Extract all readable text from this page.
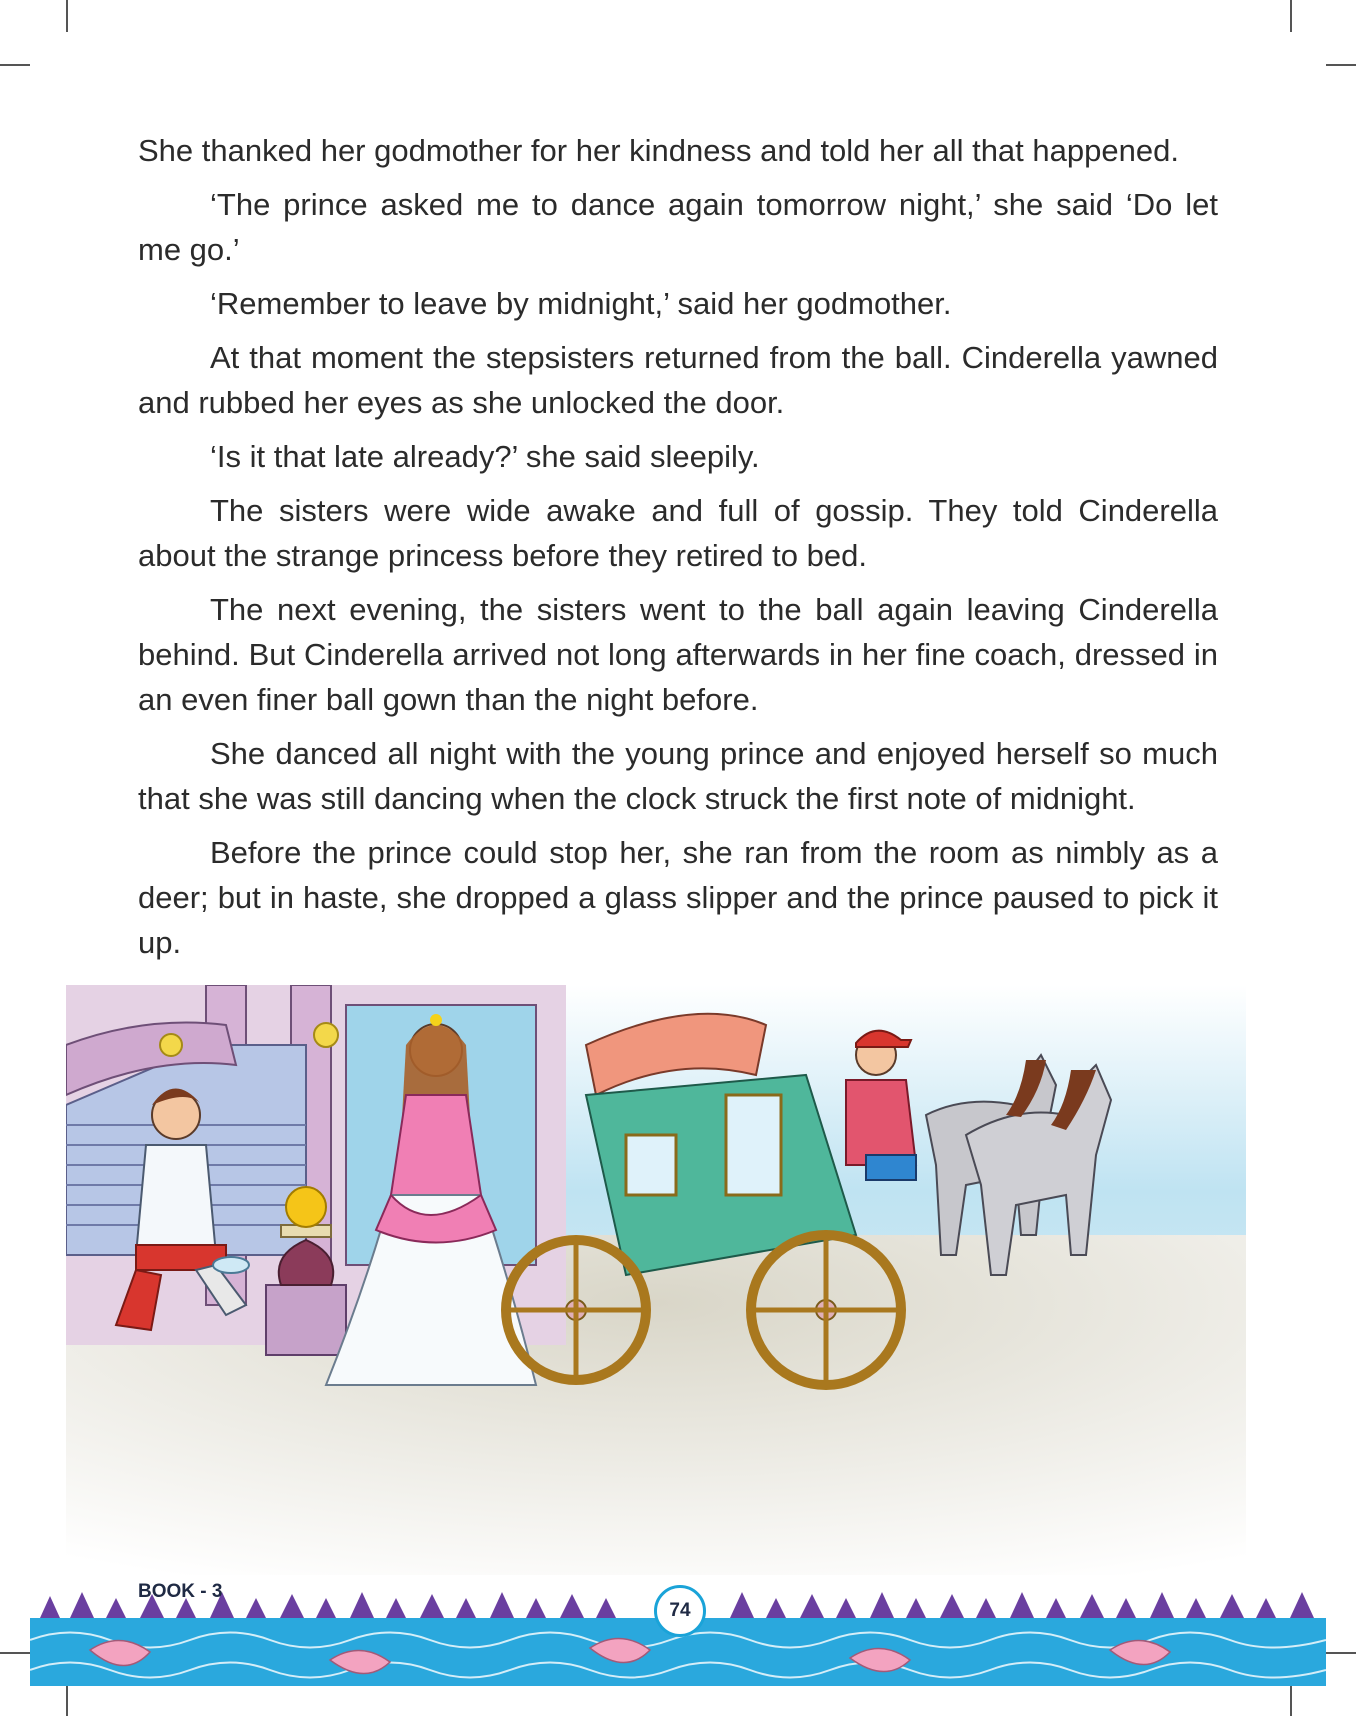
She thanked her godmother for her kindness and told her all that happened.

‘The prince asked me to dance again tomorrow night,’ she said ‘Do let me go.’

‘Remember to leave by midnight,’ said her godmother.

At that moment the stepsisters returned from the ball. Cinderella yawned and rubbed her eyes as she unlocked the door.

‘Is it that late already?’ she said sleepily.

The sisters were wide awake and full of gossip. They told Cinderella about the strange princess before they retired to bed.

The next evening, the sisters went to the ball again leaving Cinderella behind. But Cinderella arrived not long afterwards in her fine coach, dressed in an even finer ball gown than the night before.

She danced all night with the young prince and enjoyed herself so much that she was still dancing when the clock struck the first note of midnight.

Before the prince could stop her, she ran from the room as nimbly as a deer; but in haste, she dropped a glass slipper and the prince paused to pick it up.

BOOK - 3
74
